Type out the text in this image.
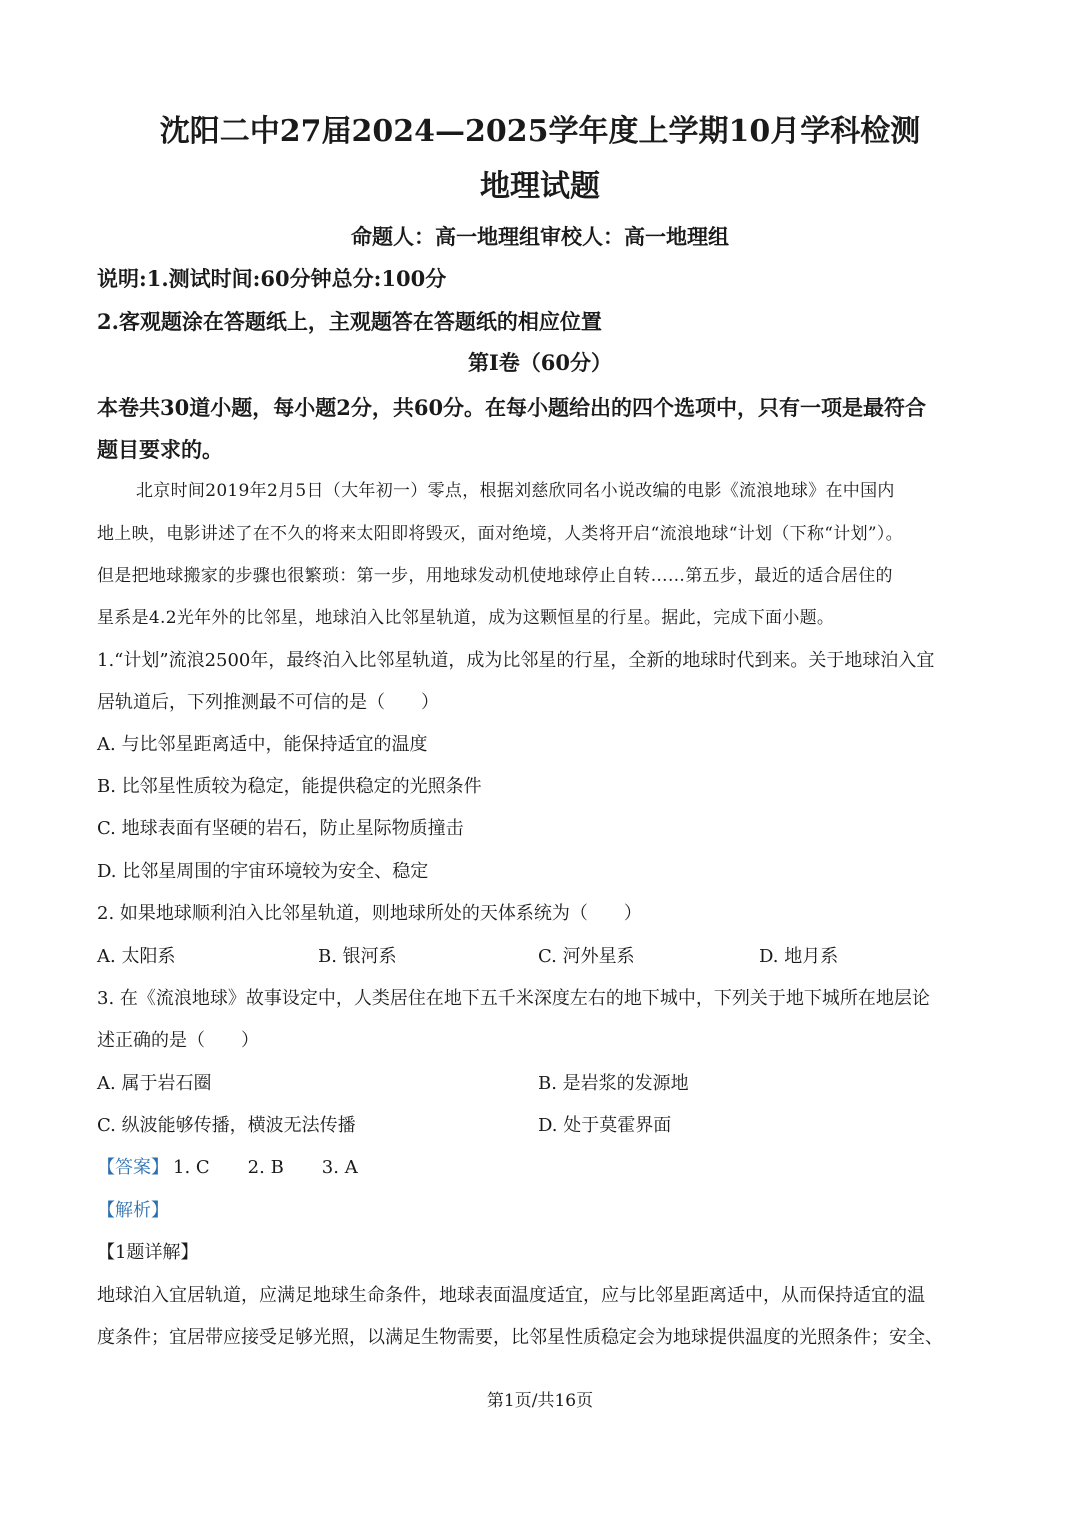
沈阳二中27届2024—2025学年度上学期10月学科检测
地理试题
命题人：高一地理组审校人：高一地理组
说明:1.测试时间:60分钟总分:100分
2.客观题涂在答题纸上，主观题答在答题纸的相应位置
第I卷（60分）
本卷共30道小题，每小题2分，共60分。在每小题给出的四个选项中，只有一项是最符合
题目要求的。
北京时间2019年2月5日（大年初一）零点，根据刘慈欣同名小说改编的电影《流浪地球》在中国内
地上映，电影讲述了在不久的将来太阳即将毁灭，面对绝境，人类将开启“流浪地球“计划（下称“计划”）。
但是把地球搬家的步骤也很繁琐：第一步，用地球发动机使地球停止自转……第五步，最近的适合居住的
星系是4.2光年外的比邻星，地球泊入比邻星轨道，成为这颗恒星的行星。据此，完成下面小题。
1.“计划”流浪2500年，最终泊入比邻星轨道，成为比邻星的行星，全新的地球时代到来。关于地球泊入宜
居轨道后，下列推测最不可信的是（　　）
A. 与比邻星距离适中，能保持适宜的温度
B. 比邻星性质较为稳定，能提供稳定的光照条件
C. 地球表面有坚硬的岩石，防止星际物质撞击
D. 比邻星周围的宇宙环境较为安全、稳定
2. 如果地球顺利泊入比邻星轨道，则地球所处的天体系统为（　　）
A. 太阳系	B. 银河系	C. 河外星系	D. 地月系
3. 在《流浪地球》故事设定中，人类居住在地下五千米深度左右的地下城中，下列关于地下城所在地层论
述正确的是（　　）
A. 属于岩石圈	B. 是岩浆的发源地
C. 纵波能够传播，横波无法传播	D. 处于莫霍界面
【答案】 1. C 2. B 3. A
【解析】
【1题详解】
地球泊入宜居轨道，应满足地球生命条件，地球表面温度适宜，应与比邻星距离适中，从而保持适宜的温
度条件；宜居带应接受足够光照，以满足生物需要，比邻星性质稳定会为地球提供温度的光照条件；安全、
第1页/共16页
